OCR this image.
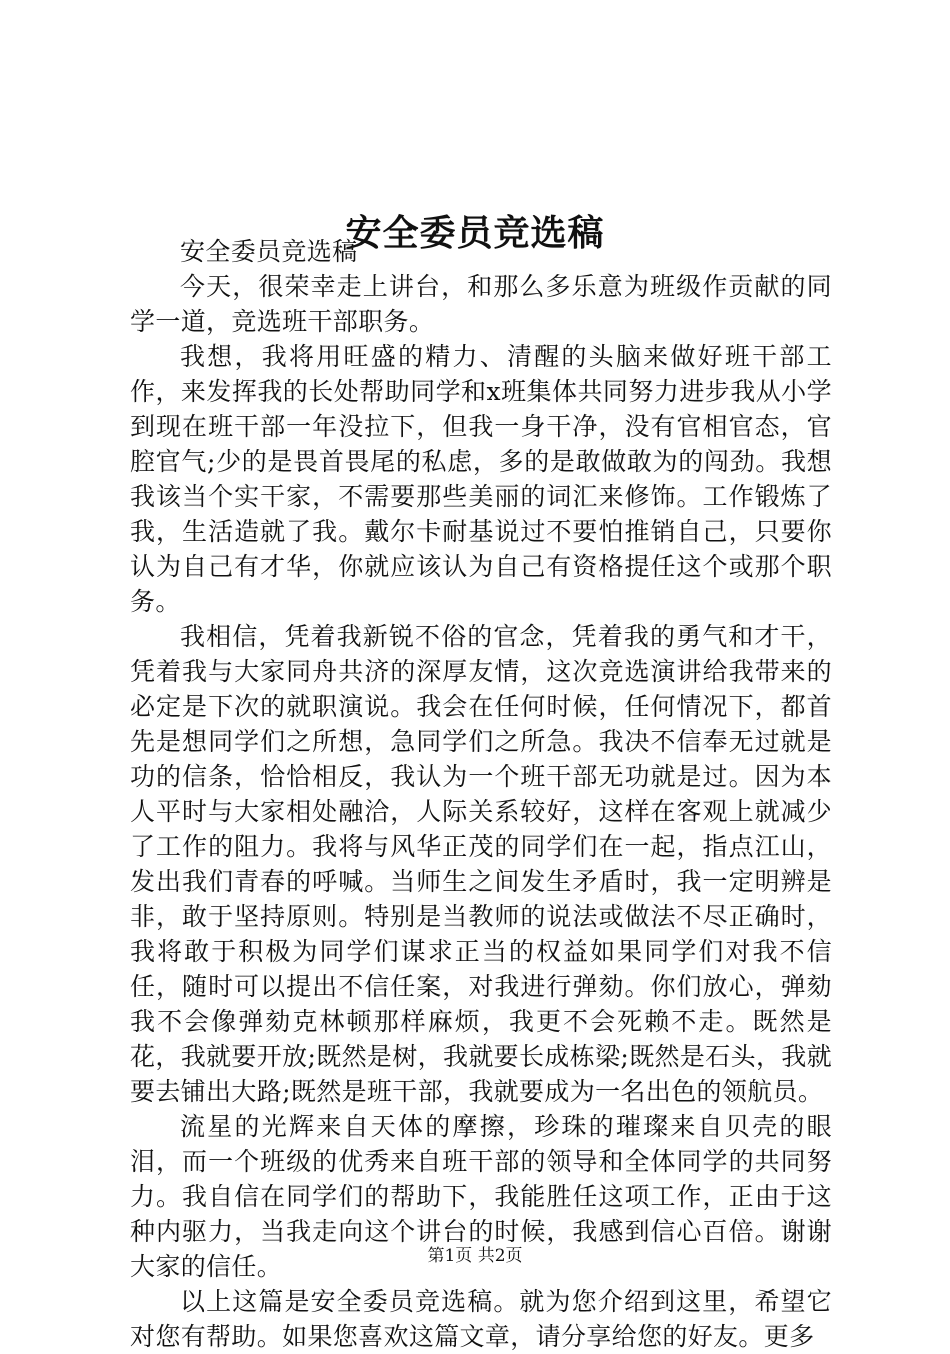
安全委员竞选稿

安全委员竞选稿

今天，很荣幸走上讲台，和那么多乐意为班级作贡献的同学一道，竞选班干部职务。

我想，我将用旺盛的精力、清醒的头脑来做好班干部工作，来发挥我的长处帮助同学和x班集体共同努力进步我从小学到现在班干部一年没拉下，但我一身干净，没有官相官态，官腔官气;少的是畏首畏尾的私虑，多的是敢做敢为的闯劲。我想我该当个实干家，不需要那些美丽的词汇来修饰。工作锻炼了我，生活造就了我。戴尔卡耐基说过不要怕推销自己，只要你认为自己有才华，你就应该认为自己有资格提任这个或那个职务。

我相信，凭着我新锐不俗的官念，凭着我的勇气和才干，凭着我与大家同舟共济的深厚友情，这次竞选演讲给我带来的必定是下次的就职演说。我会在任何时候，任何情况下，都首先是想同学们之所想，急同学们之所急。我决不信奉无过就是功的信条，恰恰相反，我认为一个班干部无功就是过。因为本人平时与大家相处融洽，人际关系较好，这样在客观上就减少了工作的阻力。我将与风华正茂的同学们在一起，指点江山，发出我们青春的呼喊。当师生之间发生矛盾时，我一定明辨是非，敢于坚持原则。特别是当教师的说法或做法不尽正确时，我将敢于积极为同学们谋求正当的权益如果同学们对我不信任，随时可以提出不信任案，对我进行弹劾。你们放心，弹劾我不会像弹劾克林顿那样麻烦，我更不会死赖不走。既然是花，我就要开放;既然是树，我就要长成栋梁;既然是石头，我就要去铺出大路;既然是班干部，我就要成为一名出色的领航员。

流星的光辉来自天体的摩擦，珍珠的璀璨来自贝壳的眼泪，而一个班级的优秀来自班干部的领导和全体同学的共同努力。我自信在同学们的帮助下，我能胜任这项工作，正由于这种内驱力，当我走向这个讲台的时候，我感到信心百倍。谢谢大家的信任。

以上这篇是安全委员竞选稿。就为您介绍到这里，希望它对您有帮助。如果您喜欢这篇文章，请分享给您的好友。更多

第1页 共2页
